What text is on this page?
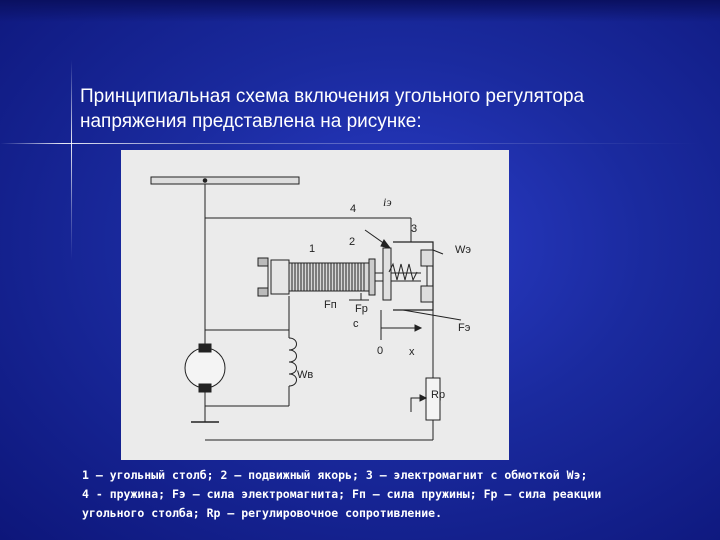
Принципиальная схема включения угольного регулятора
напряжения представлена на рисунке:
4 iэ
3
2
1	Wэ
Fп Fр
c	Fэ
0 x
Wв
Rр
1 – угольный столб; 2 – подвижный якорь; 3 – электромагнит с обмоткой Wэ;
4 - пружина; Fэ – сила электромагнита; Fп – сила пружины; Fр – сила реакции
угольного столба; Rр – регулировочное сопротивление.
